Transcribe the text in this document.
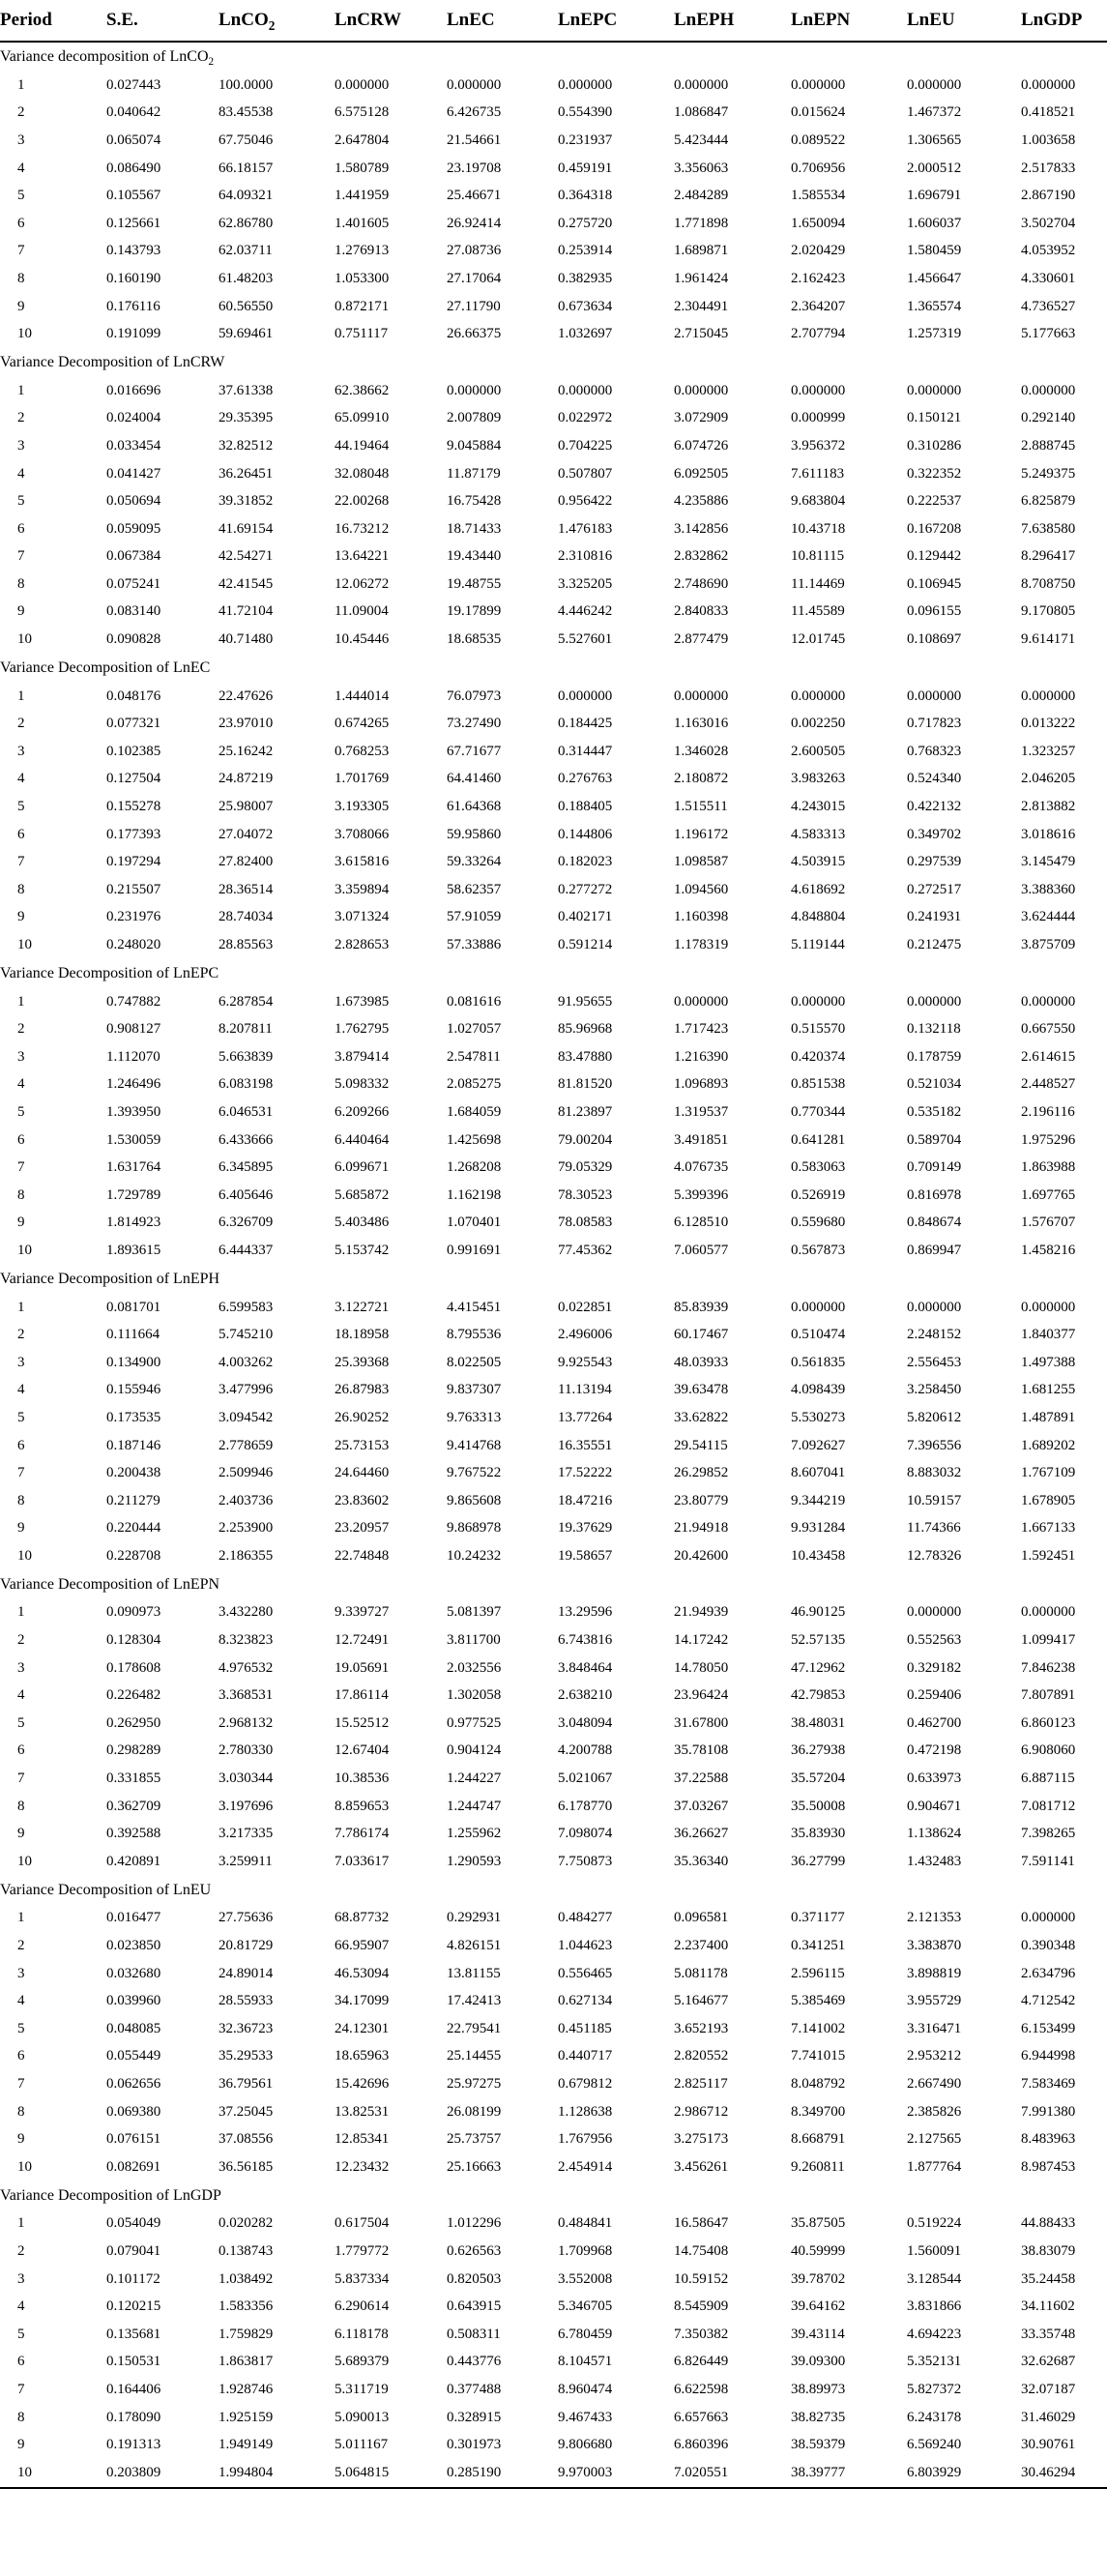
Period	S.E.	LnCO$_2$	LnCRW	LnEC	LnEPC	LnEPH	LnEPN	LnEU	LnGDP
Variance decomposition of LnCO$_2$
1	0.027443	100.0000	0.000000	0.000000	0.000000	0.000000	0.000000	0.000000	0.000000
2	0.040642	83.45538	6.575128	6.426735	0.554390	1.086847	0.015624	1.467372	0.418521
3	0.065074	67.75046	2.647804	21.54661	0.231937	5.423444	0.089522	1.306565	1.003658
4	0.086490	66.18157	1.580789	23.19708	0.459191	3.356063	0.706956	2.000512	2.517833
5	0.105567	64.09321	1.441959	25.46671	0.364318	2.484289	1.585534	1.696791	2.867190
6	0.125661	62.86780	1.401605	26.92414	0.275720	1.771898	1.650094	1.606037	3.502704
7	0.143793	62.03711	1.276913	27.08736	0.253914	1.689871	2.020429	1.580459	4.053952
8	0.160190	61.48203	1.053300	27.17064	0.382935	1.961424	2.162423	1.456647	4.330601
9	0.176116	60.56550	0.872171	27.11790	0.673634	2.304491	2.364207	1.365574	4.736527
10	0.191099	59.69461	0.751117	26.66375	1.032697	2.715045	2.707794	1.257319	5.177663
Variance Decomposition of LnCRW									
1	0.016696	37.61338	62.38662	0.000000	0.000000	0.000000	0.000000	0.000000	0.000000
2	0.024004	29.35395	65.09910	2.007809	0.022972	3.072909	0.000999	0.150121	0.292140
3	0.033454	32.82512	44.19464	9.045884	0.704225	6.074726	3.956372	0.310286	2.888745
4	0.041427	36.26451	32.08048	11.87179	0.507807	6.092505	7.611183	0.322352	5.249375
5	0.050694	39.31852	22.00268	16.75428	0.956422	4.235886	9.683804	0.222537	6.825879
6	0.059095	41.69154	16.73212	18.71433	1.476183	3.142856	10.43718	0.167208	7.638580
7	0.067384	42.54271	13.64221	19.43440	2.310816	2.832862	10.81115	0.129442	8.296417
8	0.075241	42.41545	12.06272	19.48755	3.325205	2.748690	11.14469	0.106945	8.708750
9	0.083140	41.72104	11.09004	19.17899	4.446242	2.840833	11.45589	0.096155	9.170805
10	0.090828	40.71480	10.45446	18.68535	5.527601	2.877479	12.01745	0.108697	9.614171
Variance Decomposition of LnEC									
1	0.048176	22.47626	1.444014	76.07973	0.000000	0.000000	0.000000	0.000000	0.000000
2	0.077321	23.97010	0.674265	73.27490	0.184425	1.163016	0.002250	0.717823	0.013222
3	0.102385	25.16242	0.768253	67.71677	0.314447	1.346028	2.600505	0.768323	1.323257
4	0.127504	24.87219	1.701769	64.41460	0.276763	2.180872	3.983263	0.524340	2.046205
5	0.155278	25.98007	3.193305	61.64368	0.188405	1.515511	4.243015	0.422132	2.813882
6	0.177393	27.04072	3.708066	59.95860	0.144806	1.196172	4.583313	0.349702	3.018616
7	0.197294	27.82400	3.615816	59.33264	0.182023	1.098587	4.503915	0.297539	3.145479
8	0.215507	28.36514	3.359894	58.62357	0.277272	1.094560	4.618692	0.272517	3.388360
9	0.231976	28.74034	3.071324	57.91059	0.402171	1.160398	4.848804	0.241931	3.624444
10	0.248020	28.85563	2.828653	57.33886	0.591214	1.178319	5.119144	0.212475	3.875709
Variance Decomposition of LnEPC									
1	0.747882	6.287854	1.673985	0.081616	91.95655	0.000000	0.000000	0.000000	0.000000
2	0.908127	8.207811	1.762795	1.027057	85.96968	1.717423	0.515570	0.132118	0.667550
3	1.112070	5.663839	3.879414	2.547811	83.47880	1.216390	0.420374	0.178759	2.614615
4	1.246496	6.083198	5.098332	2.085275	81.81520	1.096893	0.851538	0.521034	2.448527
5	1.393950	6.046531	6.209266	1.684059	81.23897	1.319537	0.770344	0.535182	2.196116
6	1.530059	6.433666	6.440464	1.425698	79.00204	3.491851	0.641281	0.589704	1.975296
7	1.631764	6.345895	6.099671	1.268208	79.05329	4.076735	0.583063	0.709149	1.863988
8	1.729789	6.405646	5.685872	1.162198	78.30523	5.399396	0.526919	0.816978	1.697765
9	1.814923	6.326709	5.403486	1.070401	78.08583	6.128510	0.559680	0.848674	1.576707
10	1.893615	6.444337	5.153742	0.991691	77.45362	7.060577	0.567873	0.869947	1.458216
Variance Decomposition of LnEPH									
1	0.081701	6.599583	3.122721	4.415451	0.022851	85.83939	0.000000	0.000000	0.000000
2	0.111664	5.745210	18.18958	8.795536	2.496006	60.17467	0.510474	2.248152	1.840377
3	0.134900	4.003262	25.39368	8.022505	9.925543	48.03933	0.561835	2.556453	1.497388
4	0.155946	3.477996	26.87983	9.837307	11.13194	39.63478	4.098439	3.258450	1.681255
5	0.173535	3.094542	26.90252	9.763313	13.77264	33.62822	5.530273	5.820612	1.487891
6	0.187146	2.778659	25.73153	9.414768	16.35551	29.54115	7.092627	7.396556	1.689202
7	0.200438	2.509946	24.64460	9.767522	17.52222	26.29852	8.607041	8.883032	1.767109
8	0.211279	2.403736	23.83602	9.865608	18.47216	23.80779	9.344219	10.59157	1.678905
9	0.220444	2.253900	23.20957	9.868978	19.37629	21.94918	9.931284	11.74366	1.667133
10	0.228708	2.186355	22.74848	10.24232	19.58657	20.42600	10.43458	12.78326	1.592451
Variance Decomposition of LnEPN									
1	0.090973	3.432280	9.339727	5.081397	13.29596	21.94939	46.90125	0.000000	0.000000
2	0.128304	8.323823	12.72491	3.811700	6.743816	14.17242	52.57135	0.552563	1.099417
3	0.178608	4.976532	19.05691	2.032556	3.848464	14.78050	47.12962	0.329182	7.846238
4	0.226482	3.368531	17.86114	1.302058	2.638210	23.96424	42.79853	0.259406	7.807891
5	0.262950	2.968132	15.52512	0.977525	3.048094	31.67800	38.48031	0.462700	6.860123
6	0.298289	2.780330	12.67404	0.904124	4.200788	35.78108	36.27938	0.472198	6.908060
7	0.331855	3.030344	10.38536	1.244227	5.021067	37.22588	35.57204	0.633973	6.887115
8	0.362709	3.197696	8.859653	1.244747	6.178770	37.03267	35.50008	0.904671	7.081712
9	0.392588	3.217335	7.786174	1.255962	7.098074	36.26627	35.83930	1.138624	7.398265
10	0.420891	3.259911	7.033617	1.290593	7.750873	35.36340	36.27799	1.432483	7.591141
Variance Decomposition of LnEU									
1	0.016477	27.75636	68.87732	0.292931	0.484277	0.096581	0.371177	2.121353	0.000000
2	0.023850	20.81729	66.95907	4.826151	1.044623	2.237400	0.341251	3.383870	0.390348
3	0.032680	24.89014	46.53094	13.81155	0.556465	5.081178	2.596115	3.898819	2.634796
4	0.039960	28.55933	34.17099	17.42413	0.627134	5.164677	5.385469	3.955729	4.712542
5	0.048085	32.36723	24.12301	22.79541	0.451185	3.652193	7.141002	3.316471	6.153499
6	0.055449	35.29533	18.65963	25.14455	0.440717	2.820552	7.741015	2.953212	6.944998
7	0.062656	36.79561	15.42696	25.97275	0.679812	2.825117	8.048792	2.667490	7.583469
8	0.069380	37.25045	13.82531	26.08199	1.128638	2.986712	8.349700	2.385826	7.991380
9	0.076151	37.08556	12.85341	25.73757	1.767956	3.275173	8.668791	2.127565	8.483963
10	0.082691	36.56185	12.23432	25.16663	2.454914	3.456261	9.260811	1.877764	8.987453
Variance Decomposition of LnGDP									
1	0.054049	0.020282	0.617504	1.012296	0.484841	16.58647	35.87505	0.519224	44.88433
2	0.079041	0.138743	1.779772	0.626563	1.709968	14.75408	40.59999	1.560091	38.83079
3	0.101172	1.038492	5.837334	0.820503	3.552008	10.59152	39.78702	3.128544	35.24458
4	0.120215	1.583356	6.290614	0.643915	5.346705	8.545909	39.64162	3.831866	34.11602
5	0.135681	1.759829	6.118178	0.508311	6.780459	7.350382	39.43114	4.694223	33.35748
6	0.150531	1.863817	5.689379	0.443776	8.104571	6.826449	39.09300	5.352131	32.62687
7	0.164406	1.928746	5.311719	0.377488	8.960474	6.622598	38.89973	5.827372	32.07187
8	0.178090	1.925159	5.090013	0.328915	9.467433	6.657663	38.82735	6.243178	31.46029
9	0.191313	1.949149	5.011167	0.301973	9.806680	6.860396	38.59379	6.569240	30.90761
10	0.203809	1.994804	5.064815	0.285190	9.970003	7.020551	38.39777	6.803929	30.46294
